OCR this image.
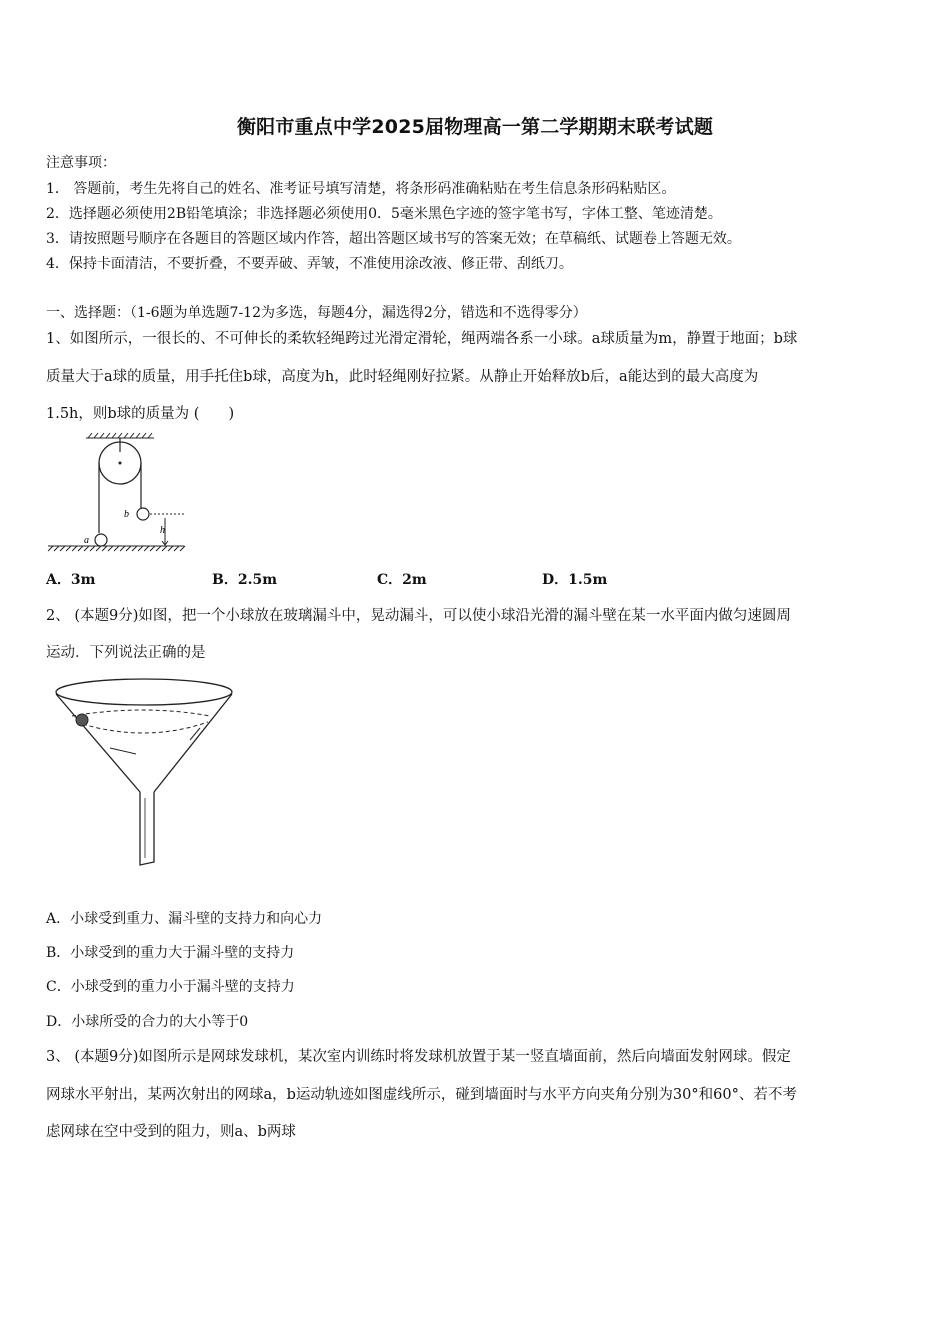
衡阳市重点中学2025届物理高一第二学期期末联考试题
注意事项：
1． 答题前，考生先将自己的姓名、准考证号填写清楚，将条形码准确粘贴在考生信息条形码粘贴区。
2．选择题必须使用2B铅笔填涂；非选择题必须使用0．5毫米黑色字迹的签字笔书写，字体工整、笔迹清楚。
3．请按照题号顺序在各题目的答题区域内作答，超出答题区域书写的答案无效；在草稿纸、试题卷上答题无效。
4．保持卡面清洁，不要折叠，不要弄破、弄皱，不准使用涂改液、修正带、刮纸刀。
一、选择题：（1-6题为单选题7-12为多选，每题4分，漏选得2分，错选和不选得零分）
1、如图所示，一很长的、不可伸长的柔软轻绳跨过光滑定滑轮，绳两端各系一小球。a球质量为m，静置于地面；b球
质量大于a球的质量，用手托住b球，高度为h，此时轻绳刚好拉紧。从静止开始释放b后，a能达到的最大高度为
1.5h，则b球的质量为 (　　)
b
h
a
A．3m	B．2.5m	C．2m	D．1.5m
2、 (本题9分)如图，把一个小球放在玻璃漏斗中，晃动漏斗，可以使小球沿光滑的漏斗壁在某一水平面内做匀速圆周
运动．下列说法正确的是
A．小球受到重力、漏斗壁的支持力和向心力
B．小球受到的重力大于漏斗壁的支持力
C．小球受到的重力小于漏斗壁的支持力
D．小球所受的合力的大小等于0
3、 (本题9分)如图所示是网球发球机，某次室内训练时将发球机放置于某一竖直墙面前，然后向墙面发射网球。假定
网球水平射出，某两次射出的网球a，b运动轨迹如图虚线所示，碰到墙面时与水平方向夹角分别为30°和60°、若不考
虑网球在空中受到的阻力，则a、b两球
